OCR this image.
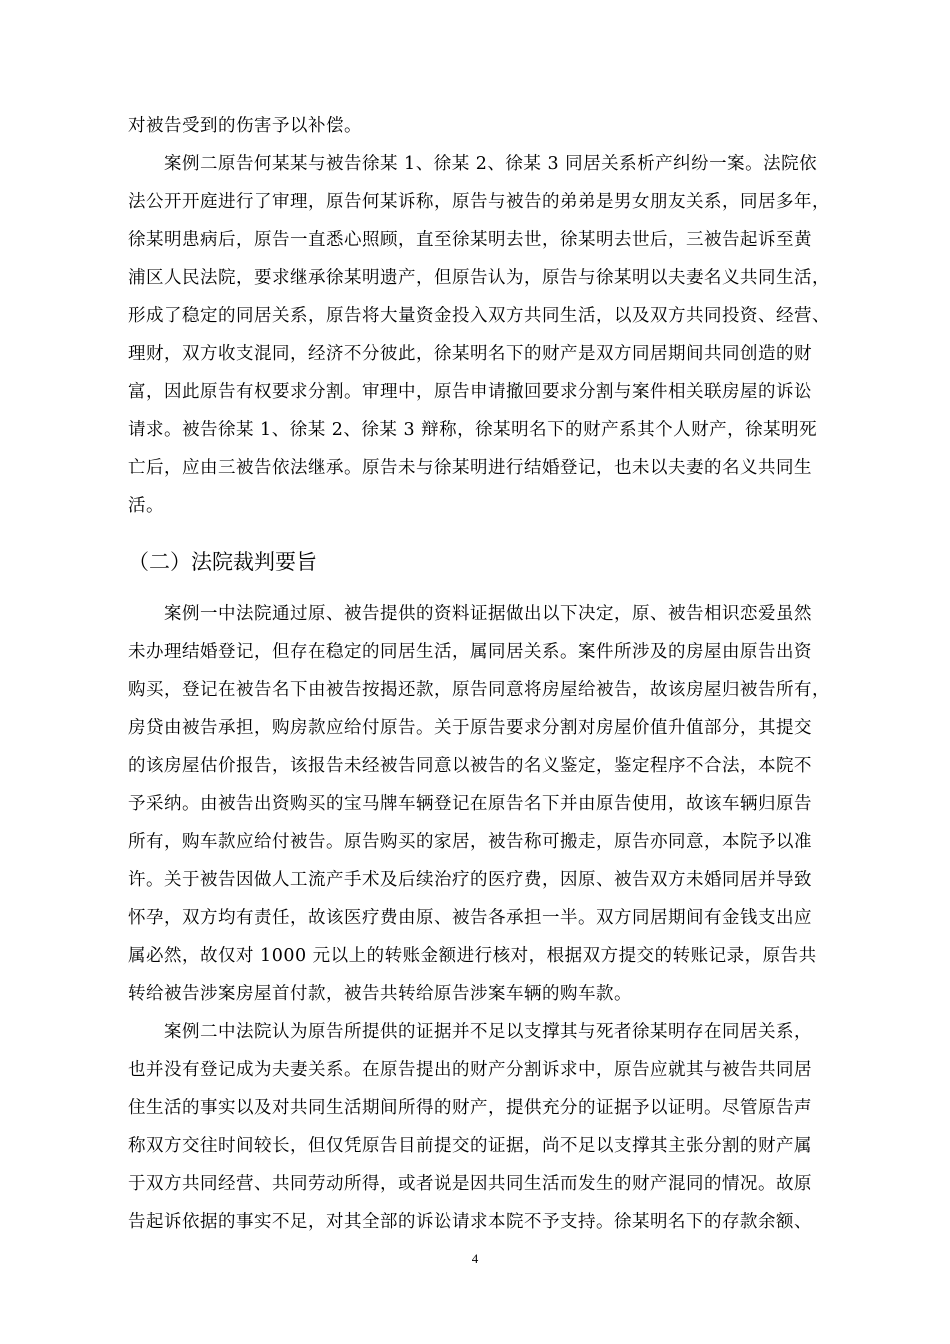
对被告受到的伤害予以补偿。
案例二原告何某某与被告徐某 1、徐某 2、徐某 3 同居关系析产纠纷一案。法院依
法公开开庭进行了审理，原告何某诉称，原告与被告的弟弟是男女朋友关系，同居多年，
徐某明患病后，原告一直悉心照顾，直至徐某明去世，徐某明去世后，三被告起诉至黄
浦区人民法院，要求继承徐某明遗产，但原告认为，原告与徐某明以夫妻名义共同生活，
形成了稳定的同居关系，原告将大量资金投入双方共同生活，以及双方共同投资、经营、
理财，双方收支混同，经济不分彼此，徐某明名下的财产是双方同居期间共同创造的财
富，因此原告有权要求分割。审理中，原告申请撤回要求分割与案件相关联房屋的诉讼
请求。被告徐某 1、徐某 2、徐某 3 辩称，徐某明名下的财产系其个人财产，徐某明死
亡后，应由三被告依法继承。原告未与徐某明进行结婚登记，也未以夫妻的名义共同生
活。
（二）法院裁判要旨
案例一中法院通过原、被告提供的资料证据做出以下决定，原、被告相识恋爱虽然
未办理结婚登记，但存在稳定的同居生活，属同居关系。案件所涉及的房屋由原告出资
购买，登记在被告名下由被告按揭还款，原告同意将房屋给被告，故该房屋归被告所有，
房贷由被告承担，购房款应给付原告。关于原告要求分割对房屋价值升值部分，其提交
的该房屋估价报告，该报告未经被告同意以被告的名义鉴定，鉴定程序不合法，本院不
予采纳。由被告出资购买的宝马牌车辆登记在原告名下并由原告使用，故该车辆归原告
所有，购车款应给付被告。原告购买的家居，被告称可搬走，原告亦同意，本院予以准
许。关于被告因做人工流产手术及后续治疗的医疗费，因原、被告双方未婚同居并导致
怀孕，双方均有责任，故该医疗费由原、被告各承担一半。双方同居期间有金钱支出应
属必然，故仅对 1000 元以上的转账金额进行核对，根据双方提交的转账记录，原告共
转给被告涉案房屋首付款，被告共转给原告涉案车辆的购车款。
案例二中法院认为原告所提供的证据并不足以支撑其与死者徐某明存在同居关系，
也并没有登记成为夫妻关系。在原告提出的财产分割诉求中，原告应就其与被告共同居
住生活的事实以及对共同生活期间所得的财产，提供充分的证据予以证明。尽管原告声
称双方交往时间较长，但仅凭原告目前提交的证据，尚不足以支撑其主张分割的财产属
于双方共同经营、共同劳动所得，或者说是因共同生活而发生的财产混同的情况。故原
告起诉依据的事实不足，对其全部的诉讼请求本院不予支持。徐某明名下的存款余额、
4
